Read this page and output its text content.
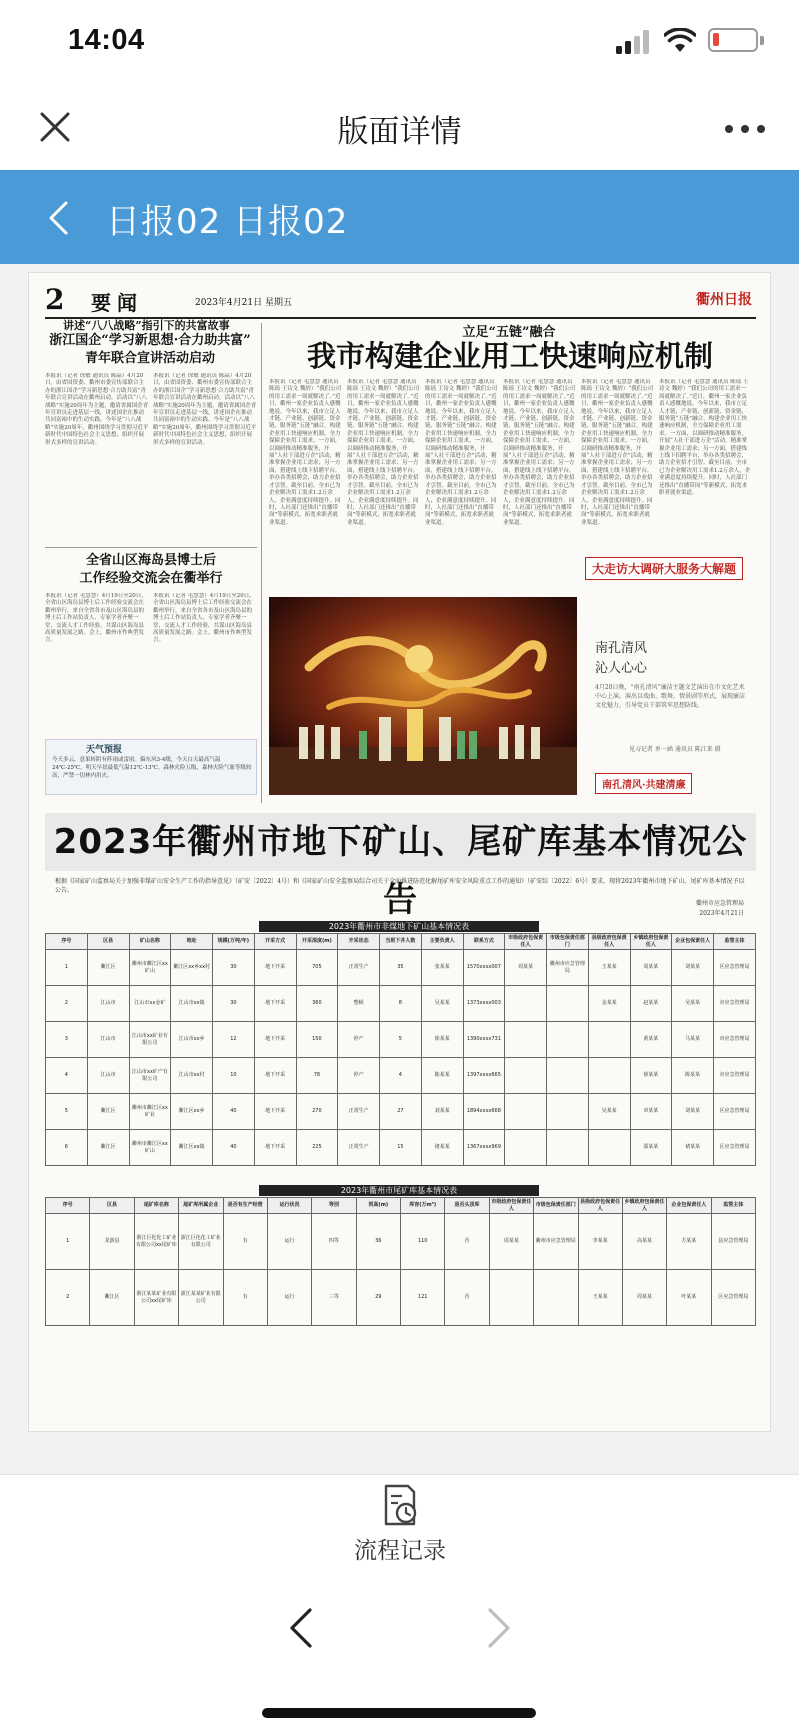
14:04
版面详情
日报02 日报02
2 要闻	2023年4月21日 星期五	衢州日报
讲述“八八战略”指引下的共富故事
浙江国企“学习新思想·合力助共富”
青年联合宣讲活动启动
本报讯（记者 徐敏 通讯员 陈晶）4月20日，由省国资委、衢州市委宣传部联合主办的浙江国企“学习新思想·合力助共富”青年联合宣讲活动在衢州启动。活动以“八八战略”实施20周年为主题，邀请省属国企青年宣讲员走进基层一线，讲述国企在推动共同富裕中的生动实践。今年是“八八战略”实施20周年，衢州围绕学习贯彻习近平新时代中国特色社会主义思想，组织开展形式多样的宣讲活动。
本报讯（记者 徐敏 通讯员 陈晶）4月20日，由省国资委、衢州市委宣传部联合主办的浙江国企“学习新思想·合力助共富”青年联合宣讲活动在衢州启动。活动以“八八战略”实施20周年为主题，邀请省属国企青年宣讲员走进基层一线，讲述国企在推动共同富裕中的生动实践。今年是“八八战略”实施20周年，衢州围绕学习贯彻习近平新时代中国特色社会主义思想，组织开展形式多样的宣讲活动。
全省山区海岛县博士后
工作经验交流会在衢举行
本报讯（记者 毛慧慧）4月19日至20日，全省山区海岛县博士后工作经验交流会在衢州举行。来自全省各市及山区海岛县的博士后工作站负责人、专家学者齐聚一堂，交流人才工作经验，共谋山区海岛县高质量发展之路。会上，衢州市作典型发言。
本报讯（记者 毛慧慧）4月19日至20日，全省山区海岛县博士后工作经验交流会在衢州举行。来自全省各市及山区海岛县的博士后工作站负责人、专家学者齐聚一堂，交流人才工作经验，共谋山区海岛县高质量发展之路。会上，衢州市作典型发言。
天气预报
今天多云，意果转阴有阵雨或雷雨。偏东风3-4级，今天白天最高气温24℃-25℃，明天早晨最低气温12℃-13℃。森林火险五级，森林火险气象等级较高，严禁一切林内用火。
立足“五链”融合
我市构建企业用工快速响应机制
本报讯（记者 毛慧慧 通讯员 陈瑶 王诗文 魏婷）“我们公司的用工需求一周就解决了。”近日，衢州一家企业负责人感慨地说。今年以来，我市立足人才链、产业链、创新链、资金链、服务链“五链”融合，构建企业用工快速响应机制，全力保障企业用工需求。一方面，以调研推动精准服务，开展“人社干部进万企”活动，精准掌握企业用工需求；另一方面，搭建线上线下招聘平台，举办各类招聘会，助力企业招才引智。截至目前，全市已为企业解决用工需求1.2万余人，企业满意度持续提升。同时，人社部门还推出“直播带岗”等新模式，拓宽求职者就业渠道。
本报讯（记者 毛慧慧 通讯员 陈瑶 王诗文 魏婷）“我们公司的用工需求一周就解决了。”近日，衢州一家企业负责人感慨地说。今年以来，我市立足人才链、产业链、创新链、资金链、服务链“五链”融合，构建企业用工快速响应机制，全力保障企业用工需求。一方面，以调研推动精准服务，开展“人社干部进万企”活动，精准掌握企业用工需求；另一方面，搭建线上线下招聘平台，举办各类招聘会，助力企业招才引智。截至目前，全市已为企业解决用工需求1.2万余人，企业满意度持续提升。同时，人社部门还推出“直播带岗”等新模式，拓宽求职者就业渠道。
本报讯（记者 毛慧慧 通讯员 陈瑶 王诗文 魏婷）“我们公司的用工需求一周就解决了。”近日，衢州一家企业负责人感慨地说。今年以来，我市立足人才链、产业链、创新链、资金链、服务链“五链”融合，构建企业用工快速响应机制，全力保障企业用工需求。一方面，以调研推动精准服务，开展“人社干部进万企”活动，精准掌握企业用工需求；另一方面，搭建线上线下招聘平台，举办各类招聘会，助力企业招才引智。截至目前，全市已为企业解决用工需求1.2万余人，企业满意度持续提升。同时，人社部门还推出“直播带岗”等新模式，拓宽求职者就业渠道。
本报讯（记者 毛慧慧 通讯员 陈瑶 王诗文 魏婷）“我们公司的用工需求一周就解决了。”近日，衢州一家企业负责人感慨地说。今年以来，我市立足人才链、产业链、创新链、资金链、服务链“五链”融合，构建企业用工快速响应机制，全力保障企业用工需求。一方面，以调研推动精准服务，开展“人社干部进万企”活动，精准掌握企业用工需求；另一方面，搭建线上线下招聘平台，举办各类招聘会，助力企业招才引智。截至目前，全市已为企业解决用工需求1.2万余人，企业满意度持续提升。同时，人社部门还推出“直播带岗”等新模式，拓宽求职者就业渠道。
本报讯（记者 毛慧慧 通讯员 陈瑶 王诗文 魏婷）“我们公司的用工需求一周就解决了。”近日，衢州一家企业负责人感慨地说。今年以来，我市立足人才链、产业链、创新链、资金链、服务链“五链”融合，构建企业用工快速响应机制，全力保障企业用工需求。一方面，以调研推动精准服务，开展“人社干部进万企”活动，精准掌握企业用工需求；另一方面，搭建线上线下招聘平台，举办各类招聘会，助力企业招才引智。截至目前，全市已为企业解决用工需求1.2万余人，企业满意度持续提升。同时，人社部门还推出“直播带岗”等新模式，拓宽求职者就业渠道。
本报讯（记者 毛慧慧 通讯员 陈瑶 王诗文 魏婷）“我们公司的用工需求一周就解决了。”近日，衢州一家企业负责人感慨地说。今年以来，我市立足人才链、产业链、创新链、资金链、服务链“五链”融合，构建企业用工快速响应机制，全力保障企业用工需求。一方面，以调研推动精准服务，开展“人社干部进万企”活动，精准掌握企业用工需求；另一方面，搭建线上线下招聘平台，举办各类招聘会，助力企业招才引智。截至目前，全市已为企业解决用工需求1.2万余人，企业满意度持续提升。同时，人社部门还推出“直播带岗”等新模式，拓宽求职者就业渠道。
大走访大调研大服务大解题
南孔清风
沁人心心
4月20日晚，“南孔清风”廉洁主题文艺演出在市文化艺术中心上演。演出以戏曲、歌舞、情景剧等形式，展现廉洁文化魅力，引导党员干部筑牢思想防线。
见习记者 单一涵 通讯员 陈江来 摄
南孔清风·共建清廉
2023年衢州市地下矿山、尾矿库基本情况公告
根据《国家矿山监察局关于加强非煤矿山安全生产工作的指导意见》（矿安〔2022〕4号）和《国家矿山安全监察局综合司关于全面推进防范化解尾矿库安全风险重点工作的通知》（矿安综〔2022〕6号）要求，现将2023年衢州市地下矿山、尾矿库基本情况予以公告。
衢州市应急管理局
2023年4月21日
2023年衢州市非煤地下矿山基本情况表
序号	区县	矿山名称	地址	规模(万吨/年)	开采方式	开采深度(m)	开采状态	当班下井人数	主要负责人	联系方式	市级政府包保责任人	市级包保责任部门	县级政府包保责任人	乡镇政府包保责任人	企业包保责任人	监管主体
1	衢江区	衢州市衢江区xx矿山	衢江区xx乡xx村	30	地下开采	705	正常生产	35	张某某	1570xxxx007	周某某	衢州市应急管理局	王某某	周某某	刘某某	区应急管理局
2	江山市	江山市xx金矿	江山市xx镇	30	地下开采	360	整顿	8	吴某某	1373xxxx003			金某某	赵某某	吴某某	市应急管理局
3	江山市	江山市xx矿业有限公司	江山市xx乡	12	地下开采	150	停产	5	徐某某	1390xxxx731				黄某某	马某某	市应急管理局
4	江山市	江山市xx矿产有限公司	江山市xx村	10	地下开采	78	停产	4	陈某某	1397xxxx665				徐某某	陈某某	市应急管理局
5	衢江区	衢州市衢江区xx矿业	衢江区xx乡	40	地下开采	270	正常生产	27	刘某某	1894xxxx668			吴某某	章某某	刘某某	区应急管理局
6	衢江区	衢州市衢江区xx矿山	衢江区xx镇	40	地下开采	225	正常生产	15	褚某某	1367xxxx969				邵某某	褚某某	区应急管理局
2023年衢州市尾矿库基本情况表
序号	区县	尾矿库名称	尾矿库所属企业	是否有生产经营	运行状况	等别	坝高(m)	库容(万m³)	是否头顶库	市级政府包保责任人	市级包保责任部门	县级政府包保责任人	乡镇政府包保责任人	企业包保责任人	监管主体
1	龙游县	浙江巨化化工矿业有限公司xx尾矿库	浙江巨化化工矿业有限公司	有	运行	四等	36	110	否	周某某	衢州市应急管理局	李某某	高某某	方某某	县应急管理局
2	衢江区	浙江某某矿业有限公司xx尾矿库	浙江某某矿业有限公司	有	运行	三等	29	121	否			王某某	周某某	叶某某	区应急管理局
流程记录
